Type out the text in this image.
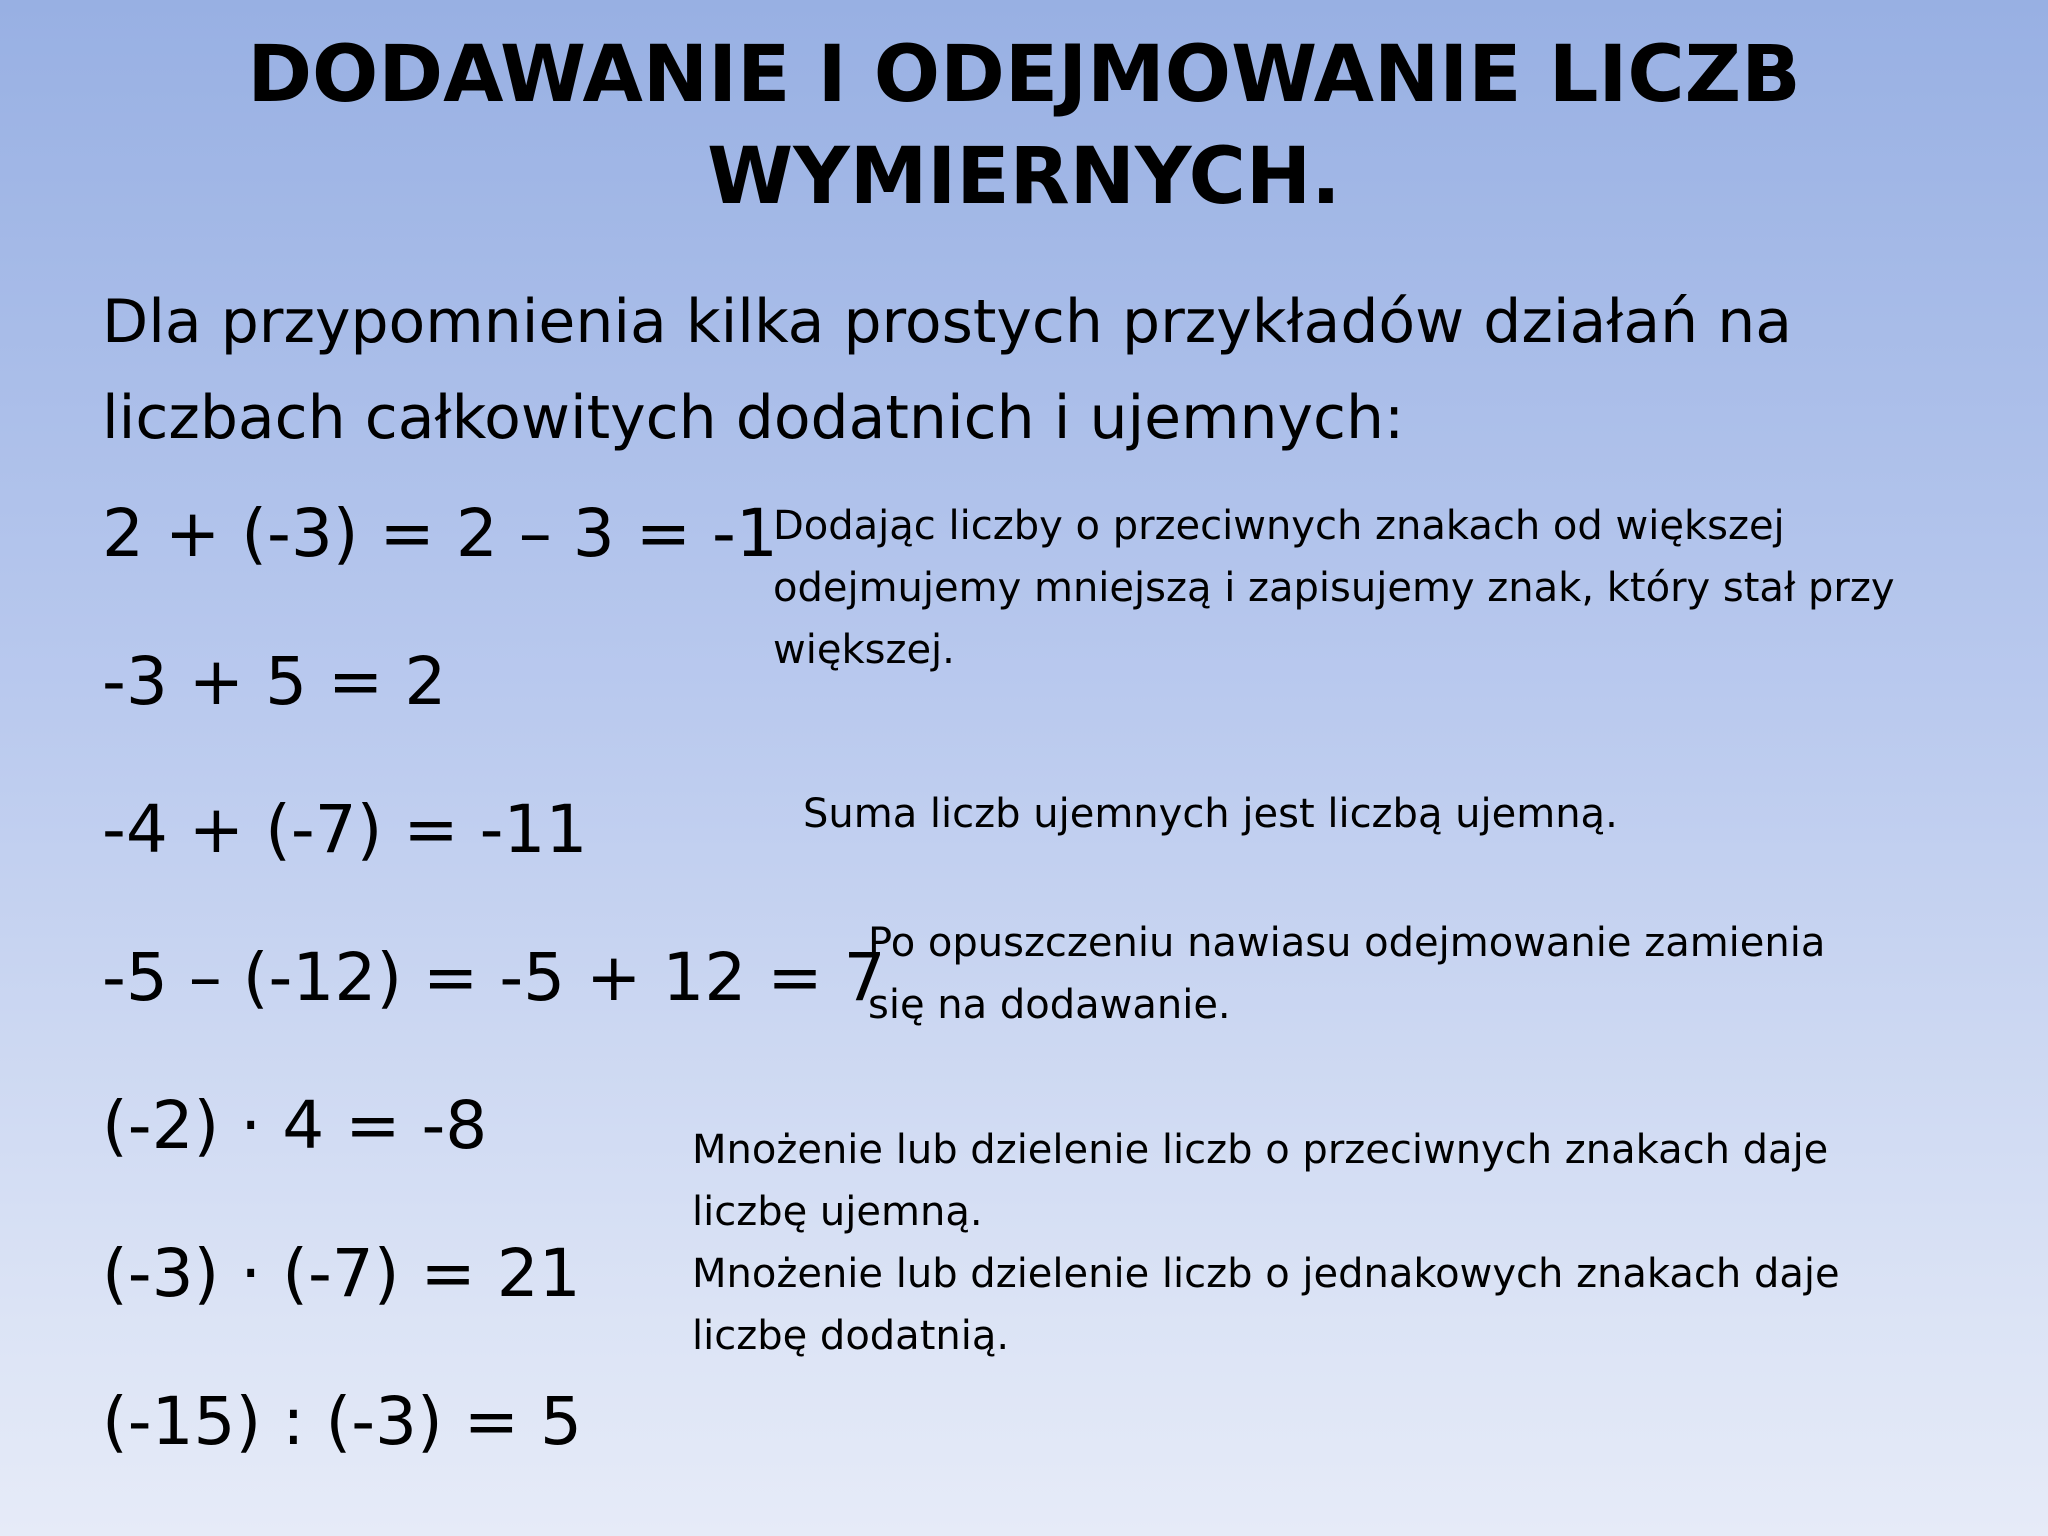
DODAWANIE I ODEJMOWANIE LICZB
WYMIERNYCH.

Dla przypomnienia kilka prostych przykładów działań na
liczbach całkowitych dodatnich i ujemnych:

2 + (-3) = 2 – 3 = -1
-3 + 5 = 2
-4 + (-7) = -11
-5 – (-12) = -5 + 12 = 7
(-2) · 4 = -8
(-3) · (-7) = 21
(-15) : (-3) = 5

Dodając liczby o przeciwnych znakach od większej
odejmujemy mniejszą i zapisujemy znak, który stał przy
większej.

Suma liczb ujemnych jest liczbą ujemną.

Po opuszczeniu nawiasu odejmowanie zamienia
się na dodawanie.

Mnożenie lub dzielenie liczb o przeciwnych znakach daje
liczbę ujemną.
Mnożenie lub dzielenie liczb o jednakowych znakach daje
liczbę dodatnią.
